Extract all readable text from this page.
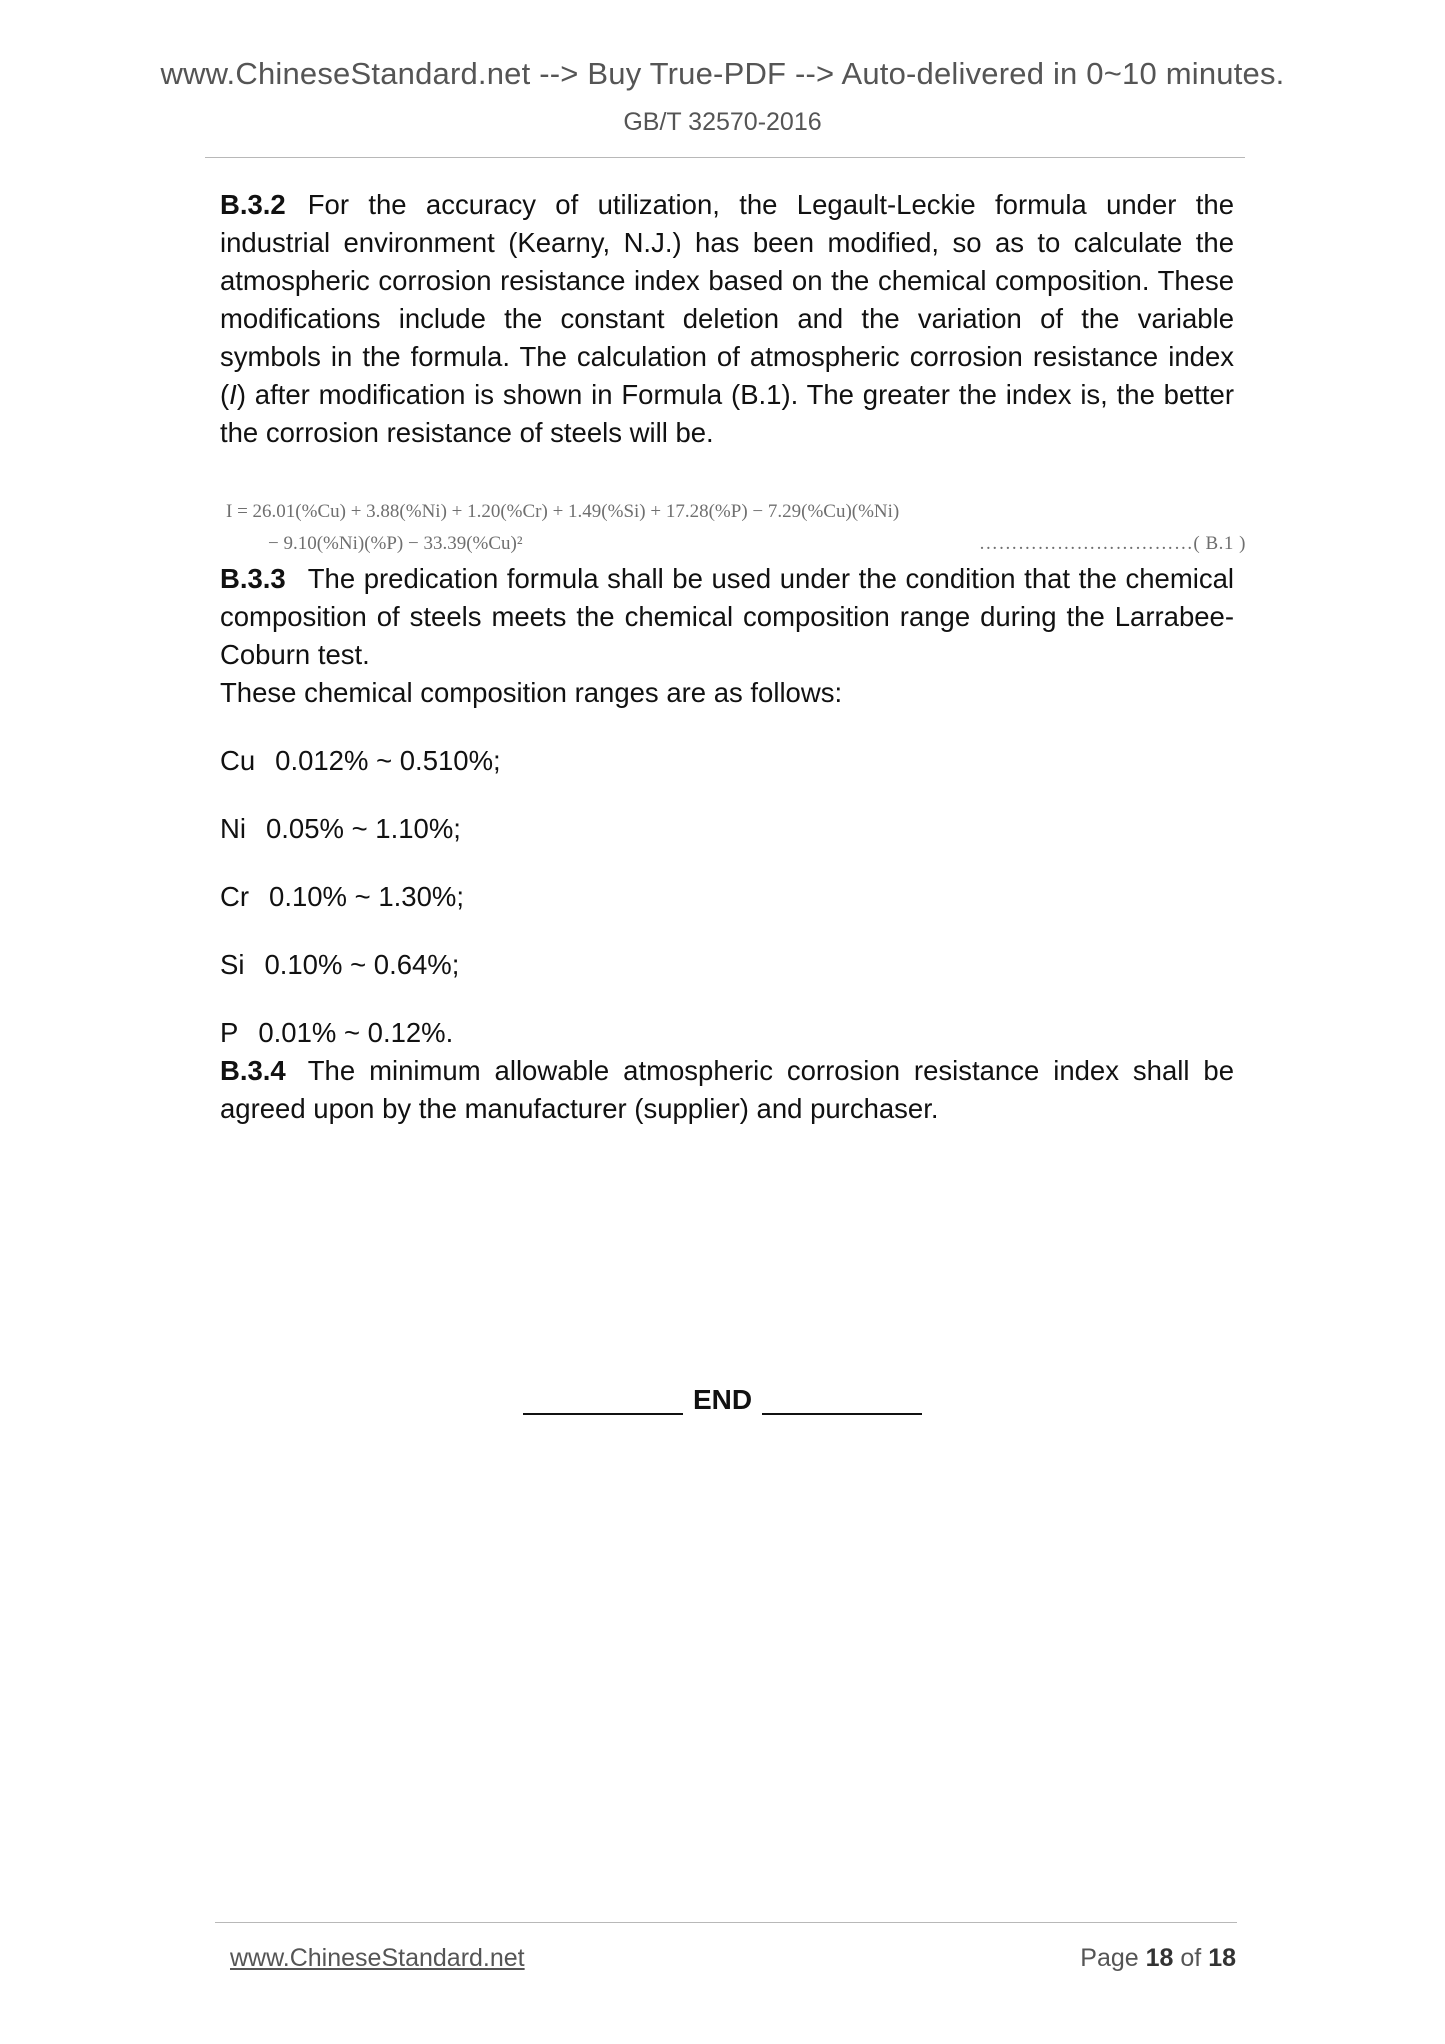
www.ChineseStandard.net --> Buy True-PDF --> Auto-delivered in 0~10 minutes.
GB/T 32570-2016

B.3.2 For the accuracy of utilization, the Legault-Leckie formula under the industrial environment (Kearny, N.J.) has been modified, so as to calculate the atmospheric corrosion resistance index based on the chemical composition. These modifications include the constant deletion and the variation of the variable symbols in the formula. The calculation of atmospheric corrosion resistance index (I) after modification is shown in Formula (B.1). The greater the index is, the better the corrosion resistance of steels will be.

I = 26.01(%Cu) + 3.88(%Ni) + 1.20(%Cr) + 1.49(%Si) + 17.28(%P) − 7.29(%Cu)(%Ni)
− 9.10(%Ni)(%P) − 33.39(%Cu)²	……………………………( B.1 )

B.3.3 The predication formula shall be used under the condition that the chemical composition of steels meets the chemical composition range during the Larrabee-Coburn test.

These chemical composition ranges are as follows:

Cu 0.012% ~ 0.510%;
Ni 0.05% ~ 1.10%;
Cr 0.10% ~ 1.30%;
Si 0.10% ~ 0.64%;
P 0.01% ~ 0.12%.

B.3.4 The minimum allowable atmospheric corrosion resistance index shall be agreed upon by the manufacturer (supplier) and purchaser.

END
www.ChineseStandard.net	Page 18 of 18
